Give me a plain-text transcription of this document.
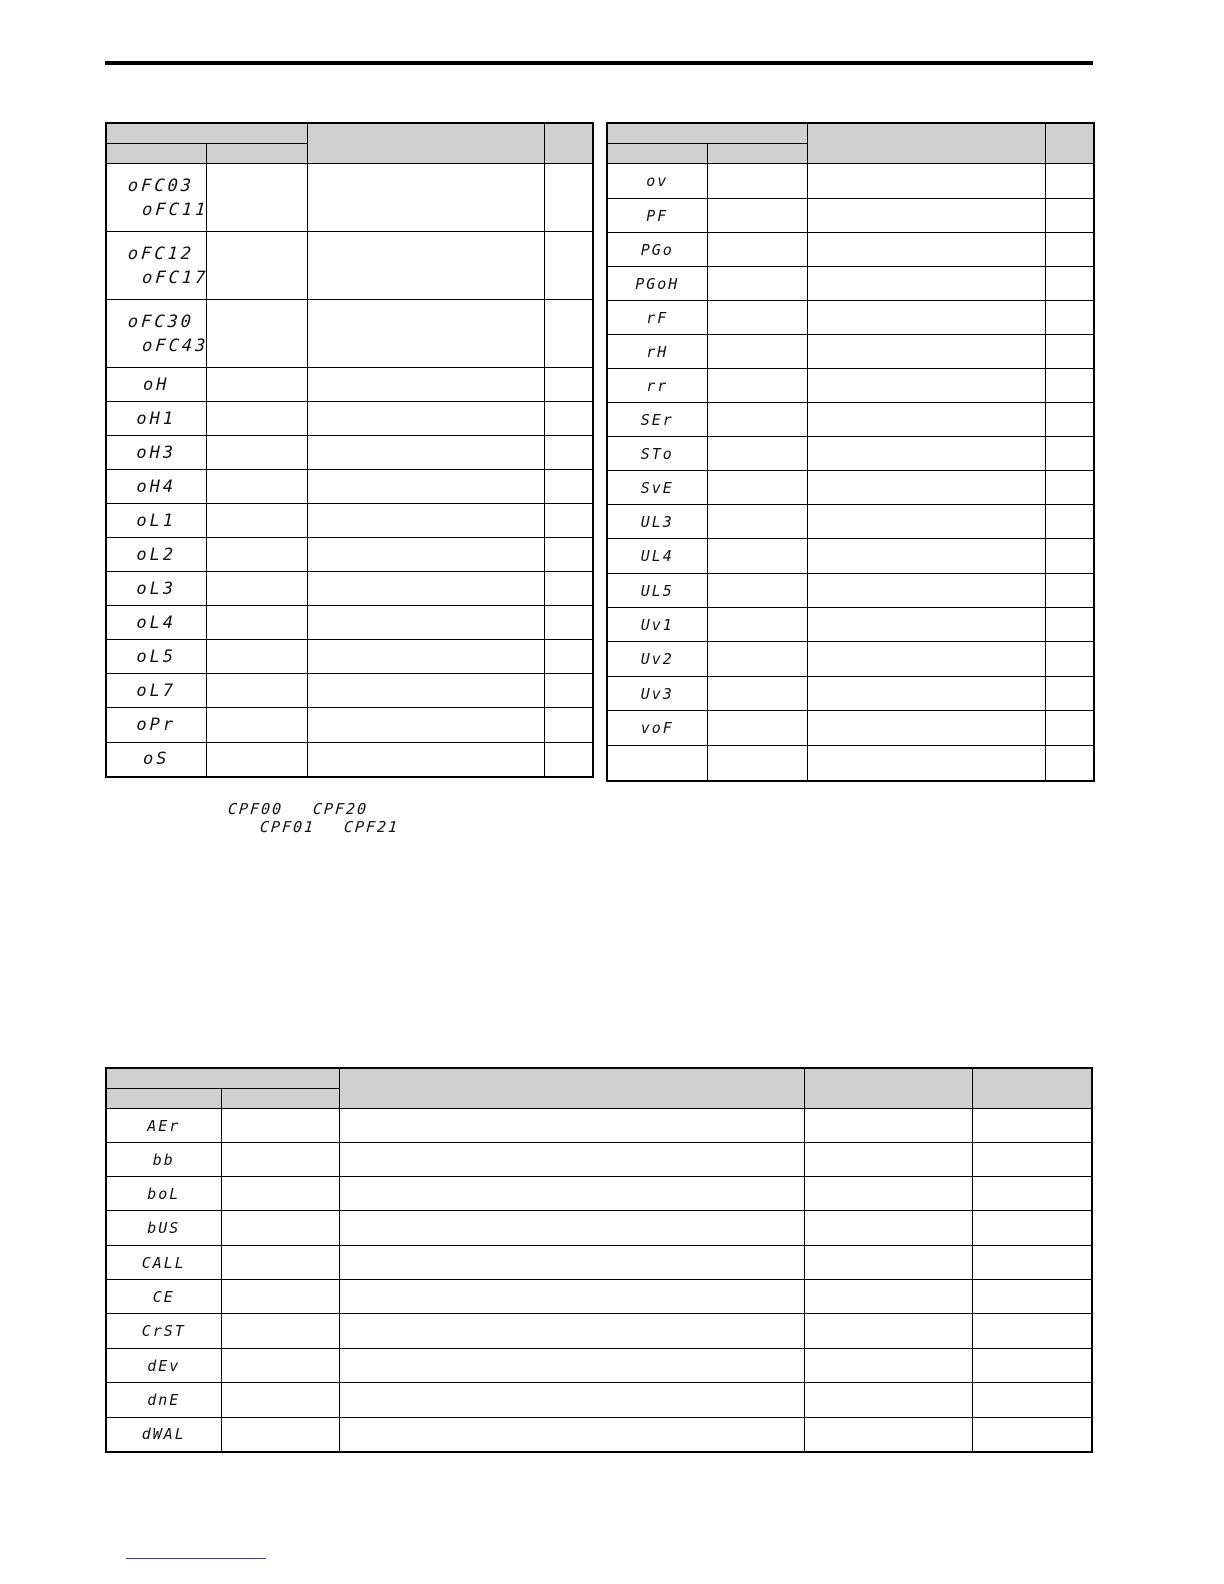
oFC03
oFC11			

oFC12
oFC17			

oFC30
oFC43			

oH			
oH1			
oH3			
oH4			
oL1			
oL2			
oL3			
oL4			
oL5			
oL7			
oPr			
oS			

ov			
PF			
PGo			
PGoH			
rF			
rH			
rr			
SEr			
STo			
SvE			
UL3			
UL4			
UL5			
Uv1			
Uv2			
Uv3			
voF			

CPF00 CPF20
CPF01 CPF21

AEr				
bb				
boL				
bUS				
CALL				
CE				
CrST				
dEv				
dnE				
dWAL				
